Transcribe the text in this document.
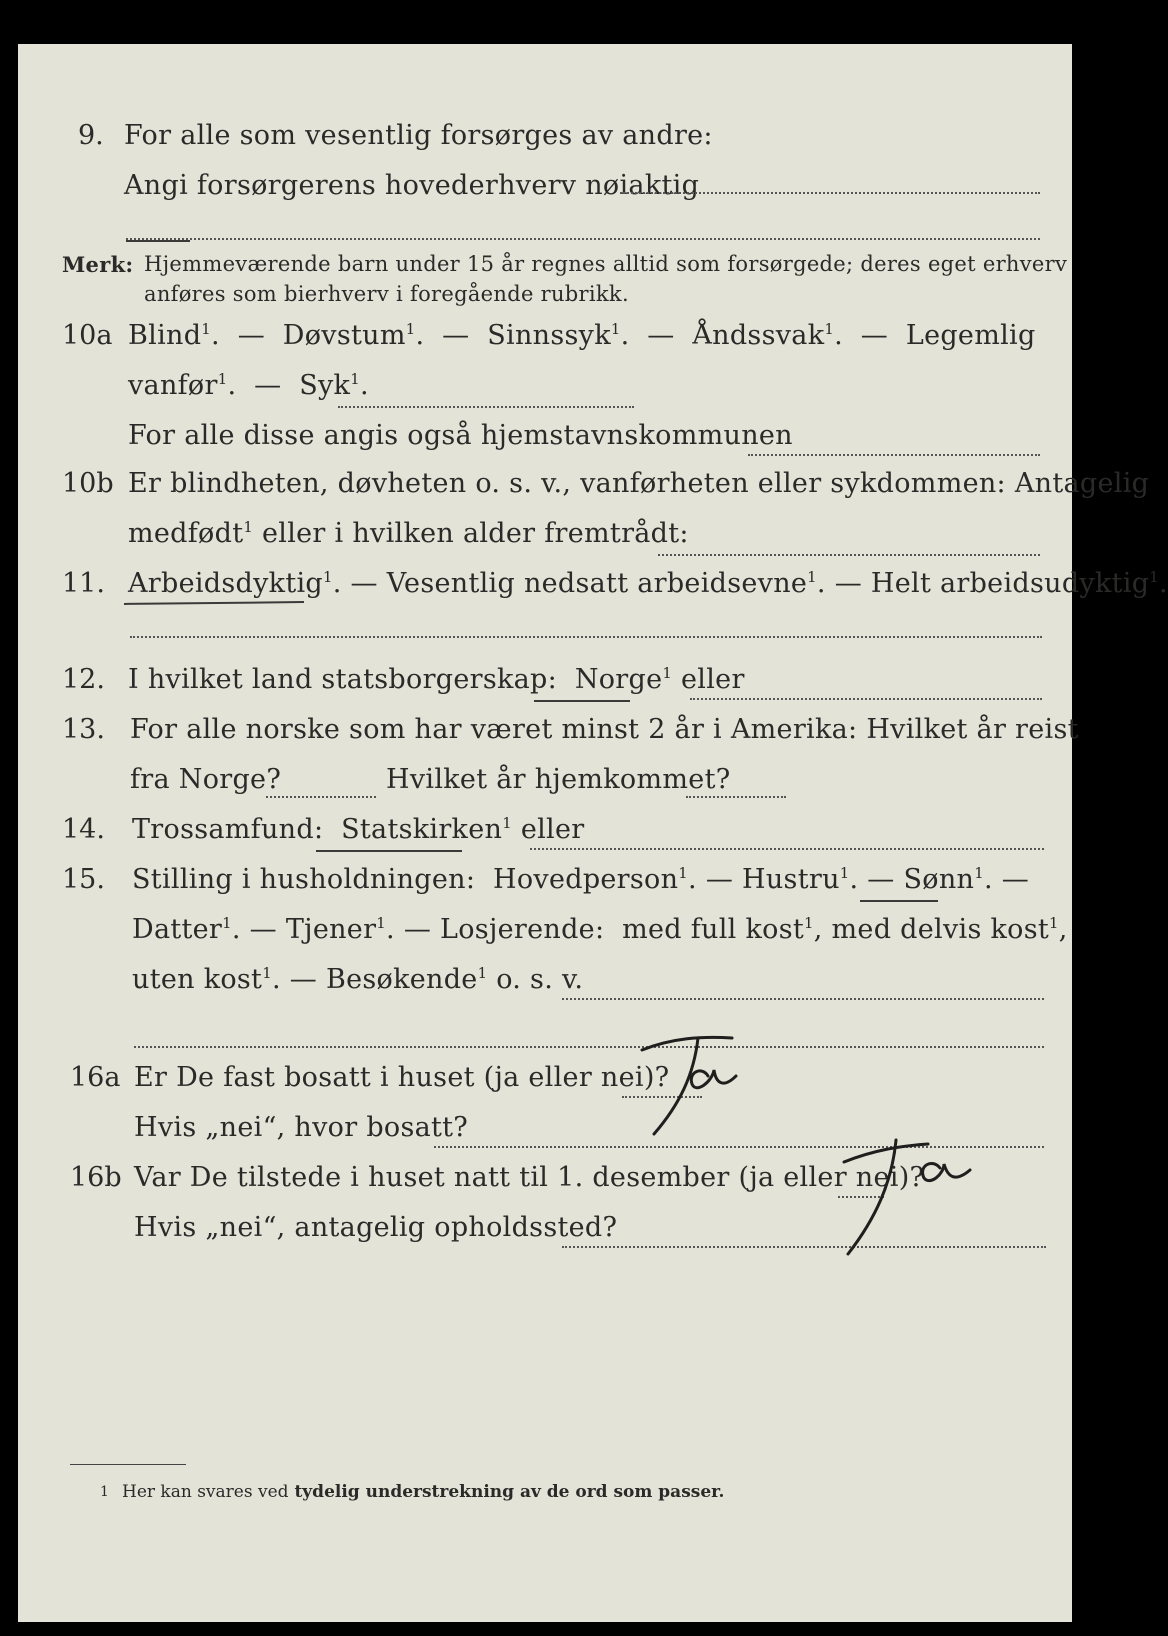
9. For alle som vesentlig forsørges av andre:
Angi forsørgerens hovederhverv nøiaktig
Merk: Hjemmeværende barn under 15 år regnes alltid som forsørgede; deres eget erhverv
anføres som bierhverv i foregående rubrikk.
10a Blind$^1$.  — Døvstum$^1$.  — Sinnssyk$^1$.  — Åndssvak$^1$.  — Legemlig
vanfør$^1$.  — Syk$^1$.
For alle disse angis også hjemstavnskommunen
10b Er blindheten, døvheten o. s. v., vanførheten eller sykdommen: Antagelig
medfødt$^1$ eller i hvilken alder fremtrådt:
11. Arbeidsdyktig$^1$. — Vesentlig nedsatt arbeidsevne$^1$. — Helt arbeidsudyktig$^1$.
12. I hvilket land statsborgerskap: Norge$^1$ eller
13. For alle norske som har været minst 2 år i Amerika: Hvilket år reist
fra Norge?	Hvilket år hjemkommet?
14. Trossamfund: Statskirken$^1$ eller
15. Stilling i husholdningen: Hovedperson$^1$. — Hustru$^1$. — Sønn$^1$. —
Datter$^1$. — Tjener$^1$. — Losjerende: med full kost$^1$, med delvis kost$^1$,
uten kost$^1$. — Besøkende$^1$ o. s. v.
16a Er De fast bosatt i huset (ja eller nei)?
Hvis „nei“, hvor bosatt?
Ja
16b Var De tilstede i huset natt til 1. desember (ja eller nei)?
Hvis „nei“, antagelig opholdssted?
Ja
1 Her kan svares ved tydelig understrekning av de ord som passer.
